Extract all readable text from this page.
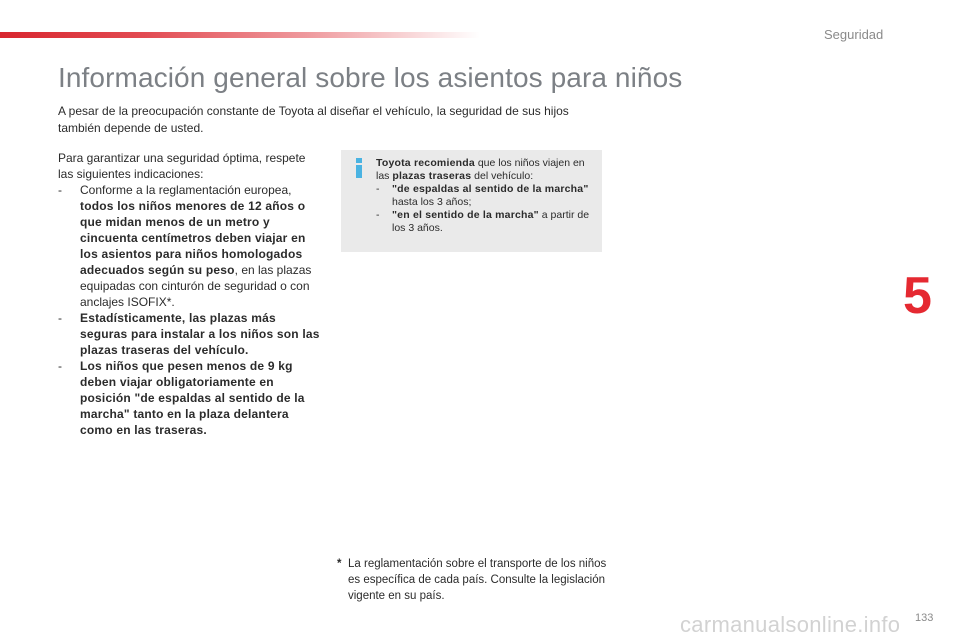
Seguridad
Información general sobre los asientos para niños

A pesar de la preocupación constante de Toyota al diseñar el vehículo, la seguridad de sus hijos también depende de usted.

Para garantizar una seguridad óptima, respete las siguientes indicaciones:

-	Conforme a la reglamentación europea, todos los niños menores de 12 años o que midan menos de un metro y cincuenta centímetros deben viajar en los asientos para niños homologados adecuados según su peso, en las plazas equipadas con cinturón de seguridad o con anclajes ISOFIX*.
-	Estadísticamente, las plazas más seguras para instalar a los niños son las plazas traseras del vehículo.
-	Los niños que pesen menos de 9 kg deben viajar obligatoriamente en posición "de espaldas al sentido de la marcha" tanto en la plaza delantera como en las traseras.

Toyota recomienda que los niños viajen en las plazas traseras del vehículo:

-	"de espaldas al sentido de la marcha" hasta los 3 años;
-	"en el sentido de la marcha" a partir de los 3 años.
* La reglamentación sobre el transporte de los niños es específica de cada país. Consulte la legislación vigente en su país.
5
carmanualsonline.info 133
